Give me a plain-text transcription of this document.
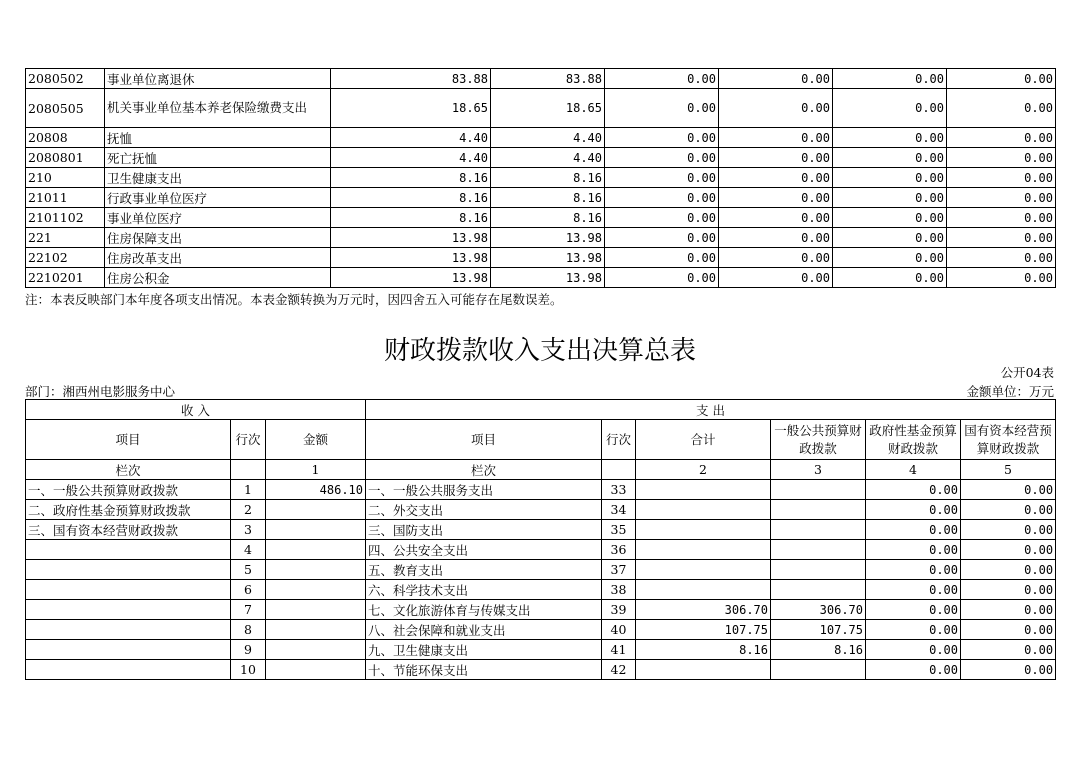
2080502	事业单位离退休	83.88	83.88	0.00	0.00	0.00	0.00
2080505	机关事业单位基本养老保险缴费支出	18.65	18.65	0.00	0.00	0.00	0.00
20808	抚恤	4.40	4.40	0.00	0.00	0.00	0.00
2080801	死亡抚恤	4.40	4.40	0.00	0.00	0.00	0.00
210	卫生健康支出	8.16	8.16	0.00	0.00	0.00	0.00
21011	行政事业单位医疗	8.16	8.16	0.00	0.00	0.00	0.00
2101102	事业单位医疗	8.16	8.16	0.00	0.00	0.00	0.00
221	住房保障支出	13.98	13.98	0.00	0.00	0.00	0.00
22102	住房改革支出	13.98	13.98	0.00	0.00	0.00	0.00
2210201	住房公积金	13.98	13.98	0.00	0.00	0.00	0.00
注：本表反映部门本年度各项支出情况。本表金额转换为万元时，因四舍五入可能存在尾数误差。
财政拨款收入支出决算总表
公开04表
部门：湘西州电影服务中心	金额单位：万元
收 入			支 出					
项目	行次	金额	项目	行次	合计	一般公共预算财政拨款	政府性基金预算财政拨款	国有资本经营预算财政拨款
栏次		1	栏次		2	3	4	5
一、一般公共预算财政拨款	1	486.10	一、一般公共服务支出	33			0.00	0.00
二、政府性基金预算财政拨款	2		二、外交支出	34			0.00	0.00
三、国有资本经营财政拨款	3		三、国防支出	35			0.00	0.00
	4		四、公共安全支出	36			0.00	0.00
	5		五、教育支出	37			0.00	0.00
	6		六、科学技术支出	38			0.00	0.00
	7		七、文化旅游体育与传媒支出	39	306.70	306.70	0.00	0.00
	8		八、社会保障和就业支出	40	107.75	107.75	0.00	0.00
	9		九、卫生健康支出	41	8.16	8.16	0.00	0.00
	10		十、节能环保支出	42			0.00	0.00
